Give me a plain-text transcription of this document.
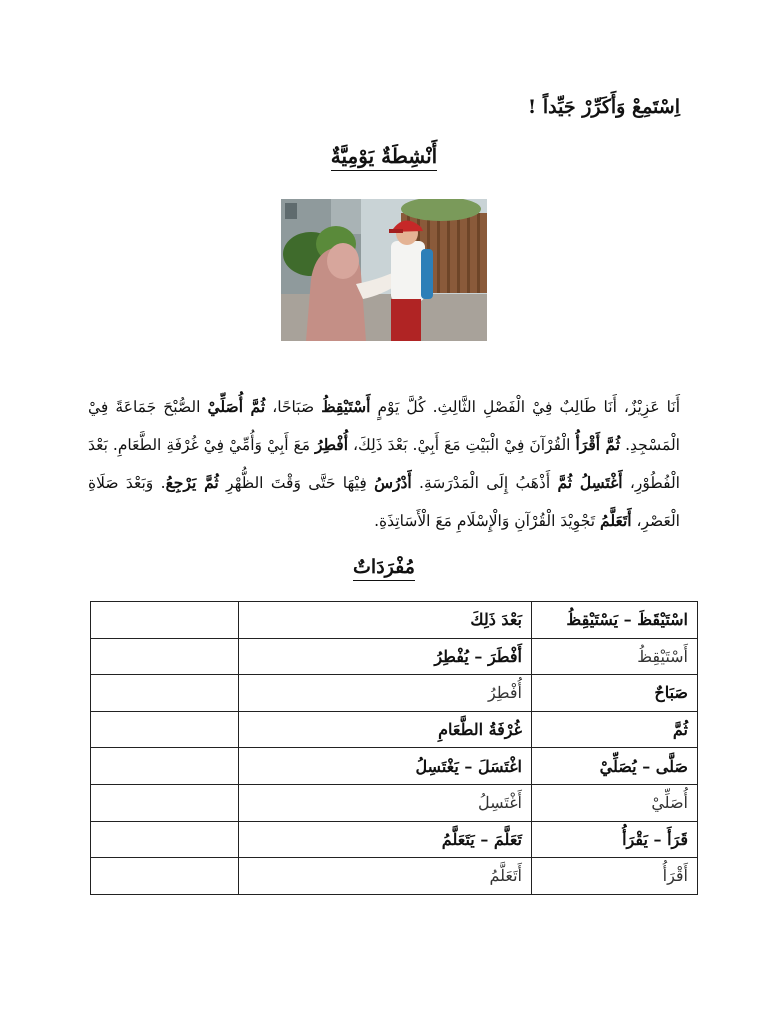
اِسْتَمِعْ وَأَكَرِّرْ جَيِّداً !
أَنْشِطَةٌ يَوْمِيَّةٌ
أَنَا عَزِيْزٌ، أَنَا طَالِبٌ فِيْ الْفَصْلِ الثَّالِثِ. كُلَّ يَوْمٍ أَسْتَيْقِظُ صَبَاحًا، ثُمَّ أُصَلِّيْ الصُّبْحَ جَمَاعَةً فِيْ الْمَسْجِدِ. ثُمَّ أَقْرَأُ الْقُرْآنَ فِيْ الْبَيْتِ مَعَ أَبِيْ. بَعْدَ ذَلِكَ، أُفْطِرُ مَعَ أَبِيْ وَأُمِّيْ فِيْ غُرْفَةِ الطَّعَامِ. بَعْدَ الْفُطُوْرِ، أَغْتَسِلُ ثُمَّ أَذْهَبُ إِلَى الْمَدْرَسَةِ. أَدْرُسُ فِيْهَا حَتَّى وَقْتَ الظُّهْرِ ثُمَّ يَرْجِعُ. وَبَعْدَ صَلَاةِ الْعَصْرِ، أَتَعَلَّمُ تَجْوِيْدَ الْقُرْآنِ وَالْإِسْلَامِ مَعَ الْأَسَاتِذَةِ.
مُفْرَدَاتٌ
اسْتَيْقَظَ – يَسْتَيْقِظُ	بَعْدَ ذَلِكَ	
أَسْتَيْقِظُ	أَفْطَرَ – يُفْطِرُ	
صَبَاحٌ	أُفْطِرُ	
ثُمَّ	غُرْفَةُ الطَّعَامِ	
صَلَّى – يُصَلِّيْ	اغْتَسَلَ – يَغْتَسِلُ	
أُصَلِّيْ	أَغْتَسِلُ	
قَرَأَ – يَقْرَأُ	تَعَلَّمَ – يَتَعَلَّمُ	
أَقْرَأُ	أَتَعَلَّمُ	
